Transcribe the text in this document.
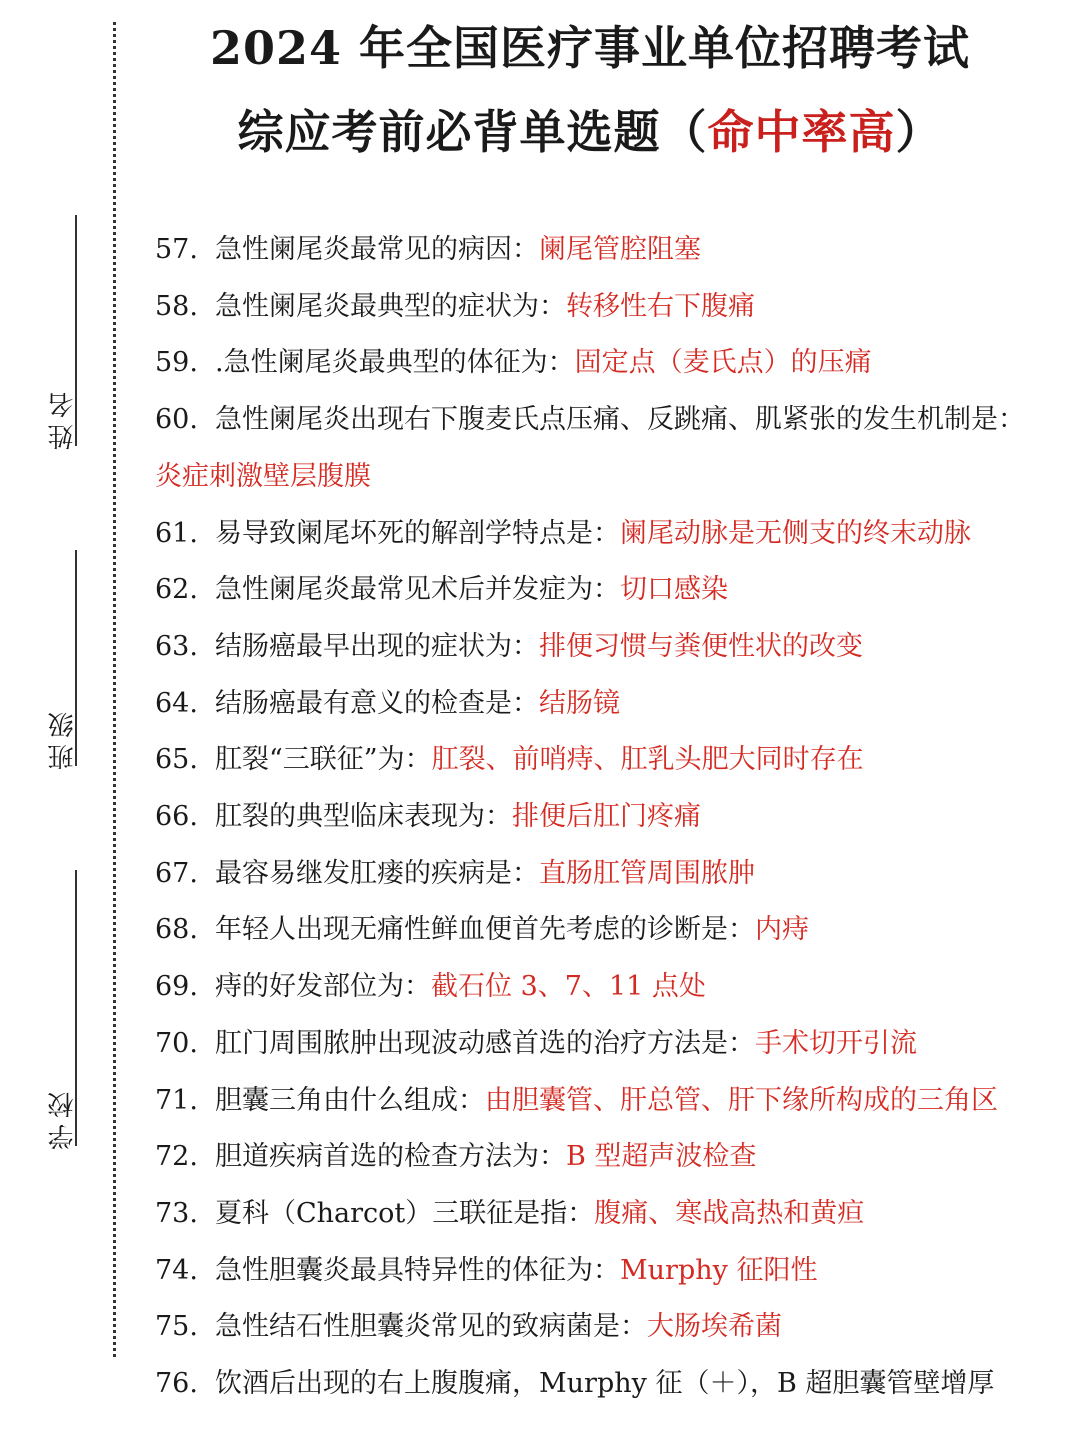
姓名
班级
学校
2024 年全国医疗事业单位招聘考试
综应考前必背单选题（命中率高）
57. 急性阑尾炎最常见的病因：阑尾管腔阻塞
58. 急性阑尾炎最典型的症状为：转移性右下腹痛
59. .急性阑尾炎最典型的体征为：固定点（麦氏点）的压痛
60. 急性阑尾炎出现右下腹麦氏点压痛、反跳痛、肌紧张的发生机制是：
炎症刺激壁层腹膜
61. 易导致阑尾坏死的解剖学特点是：阑尾动脉是无侧支的终末动脉
62. 急性阑尾炎最常见术后并发症为：切口感染
63. 结肠癌最早出现的症状为：排便习惯与粪便性状的改变
64. 结肠癌最有意义的检查是：结肠镜
65. 肛裂“三联征”为：肛裂、前哨痔、肛乳头肥大同时存在
66. 肛裂的典型临床表现为：排便后肛门疼痛
67. 最容易继发肛瘘的疾病是：直肠肛管周围脓肿
68. 年轻人出现无痛性鲜血便首先考虑的诊断是：内痔
69. 痔的好发部位为：截石位 3、7、11 点处
70. 肛门周围脓肿出现波动感首选的治疗方法是：手术切开引流
71. 胆囊三角由什么组成：由胆囊管、肝总管、肝下缘所构成的三角区
72. 胆道疾病首选的检查方法为：B 型超声波检查
73. 夏科（Charcot）三联征是指：腹痛、寒战高热和黄疸
74. 急性胆囊炎最具特异性的体征为：Murphy 征阳性
75. 急性结石性胆囊炎常见的致病菌是：大肠埃希菌
76. 饮酒后出现的右上腹腹痛，Murphy 征（＋），B 超胆囊管壁增厚
